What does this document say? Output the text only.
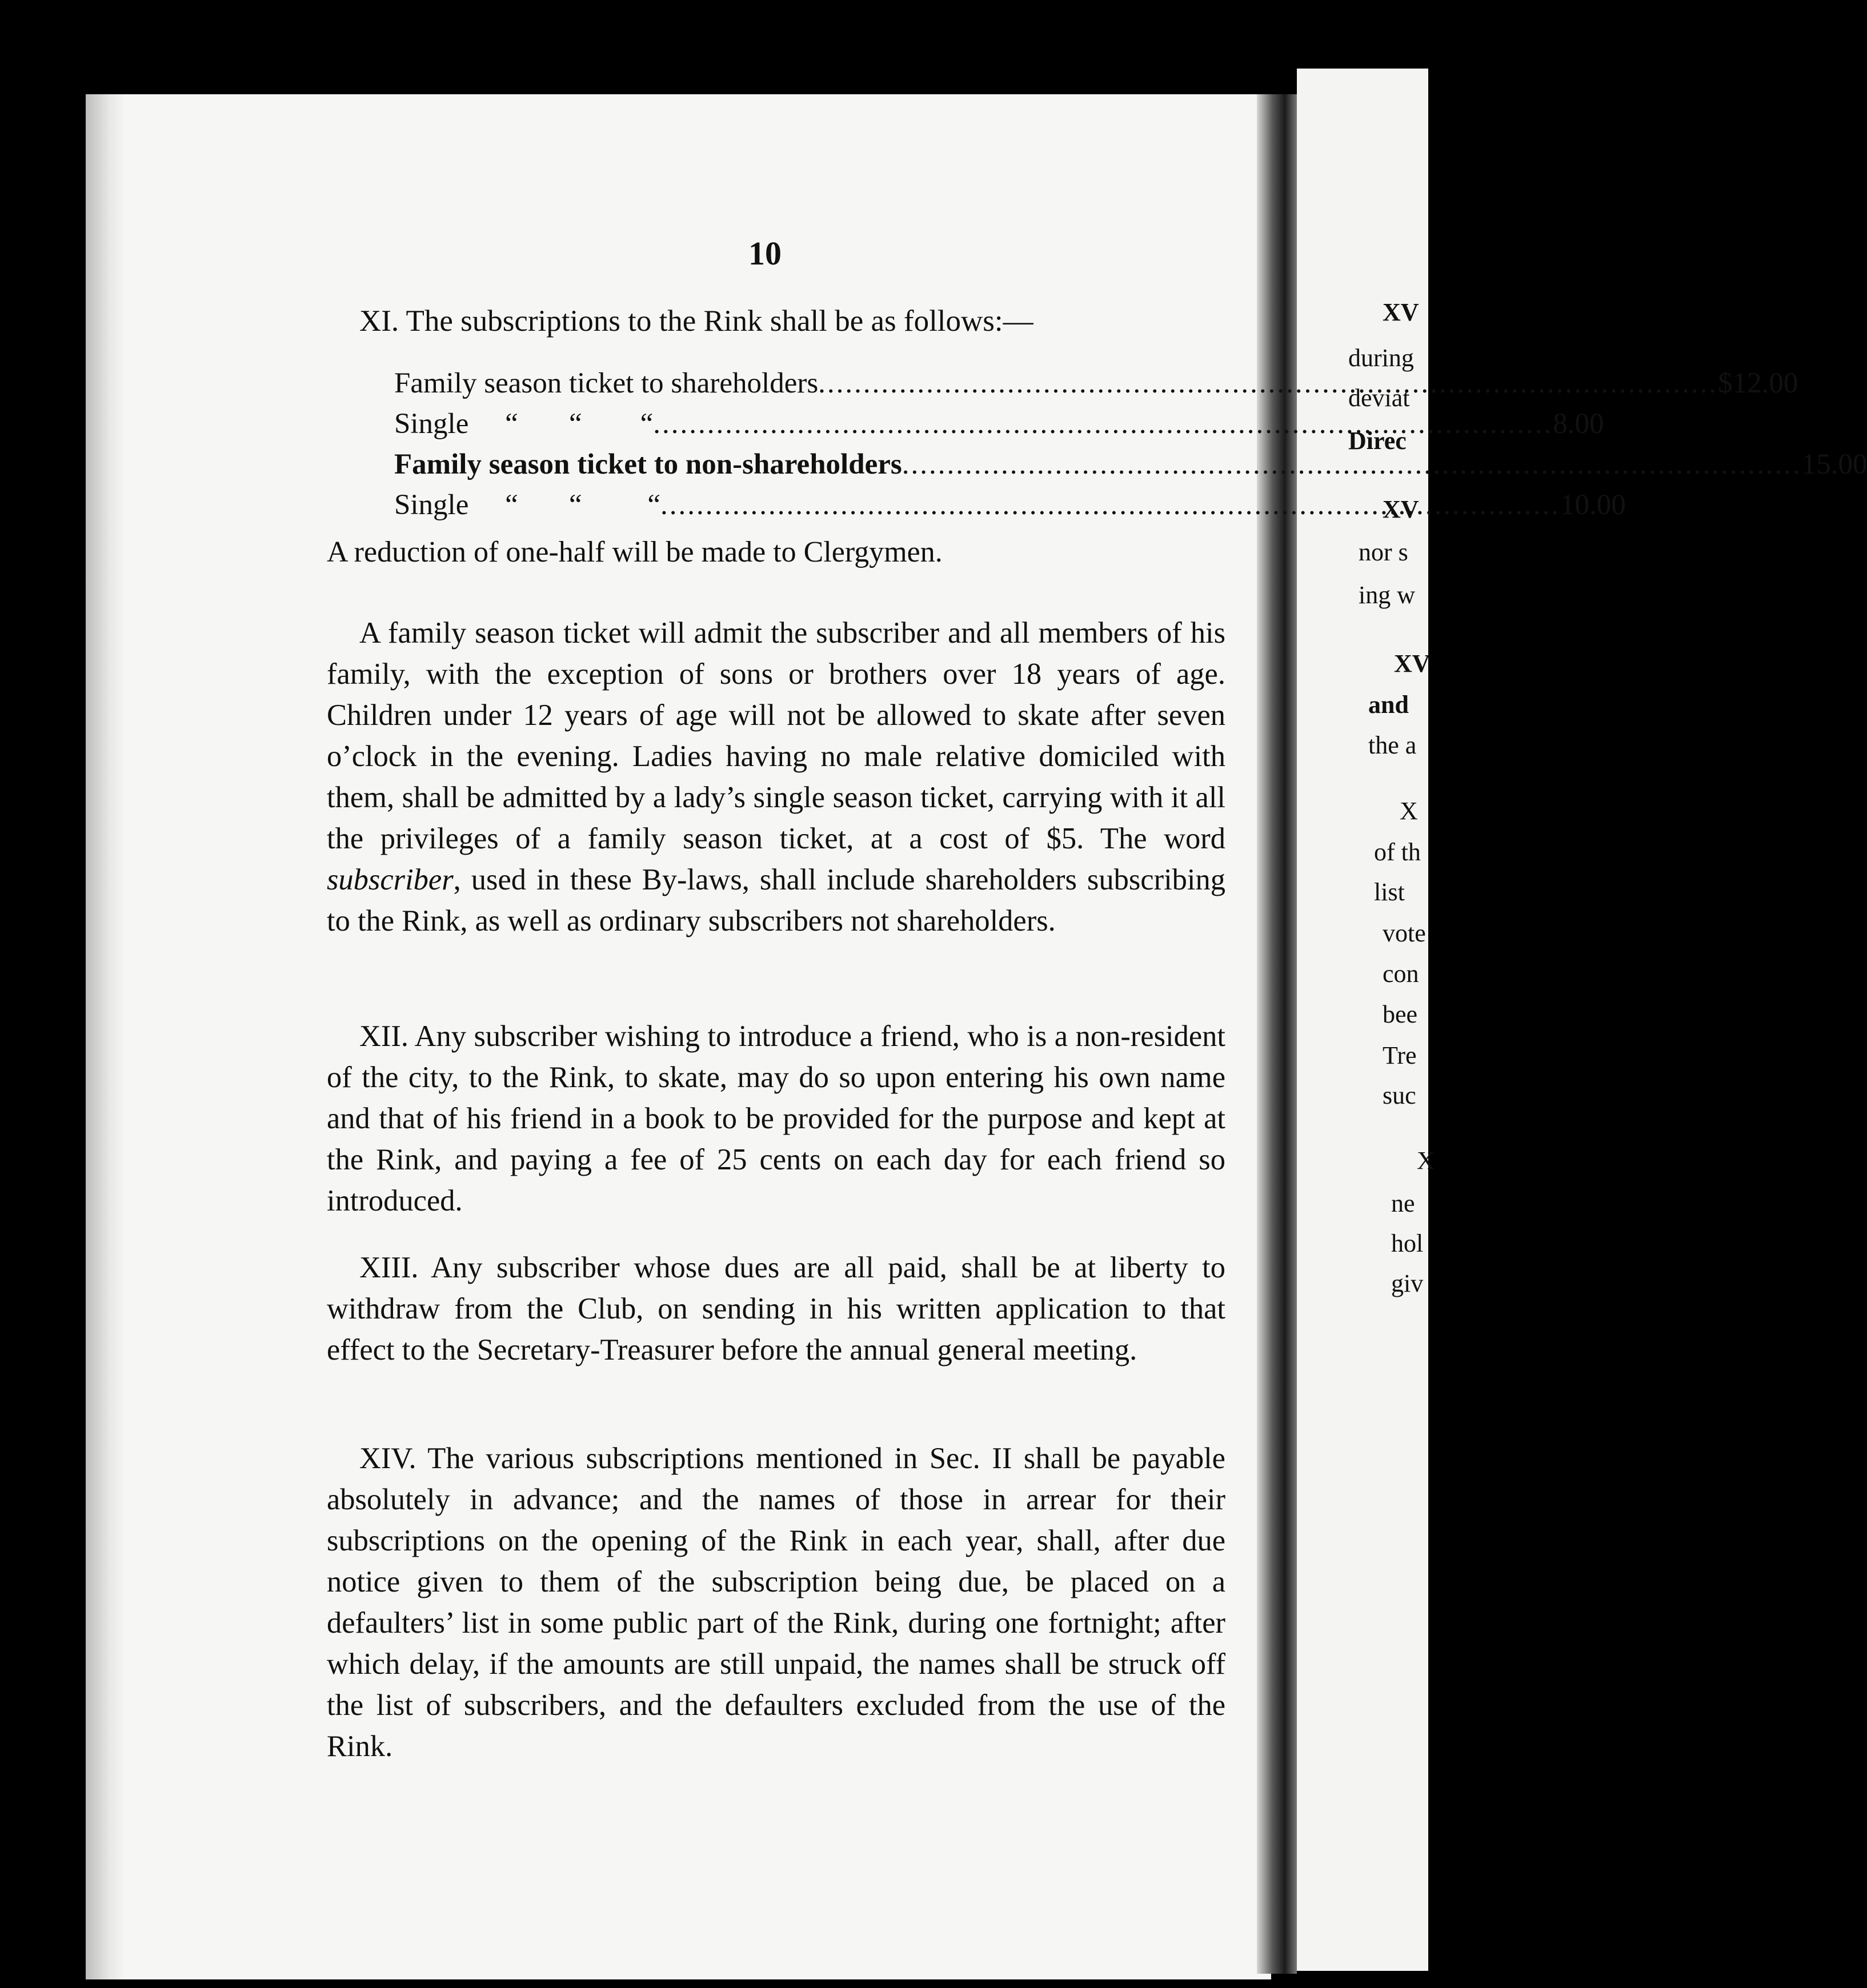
10
XI. The subscriptions to the Rink shall be as follows:—
Family season ticket to shareholders .....	$12.00
Single     “       “        “ .....	8.00
Family season ticket to non-shareholders .....	15.00
Single     “       “         “ .....	10.00
A reduction of one-half will be made to Clergymen.

A family season ticket will admit the subscriber and all members of his family, with the exception of sons or brothers over 18 years of age. Children under 12 years of age will not be allowed to skate after seven o’clock in the evening. Ladies having no male relative domiciled with them, shall be admitted by a lady’s single season ticket, carrying with it all the privileges of a family season ticket, at a cost of $5. The word subscriber, used in these By-laws, shall include shareholders subscribing to the Rink, as well as ordinary subscribers not shareholders.

XII. Any subscriber wishing to introduce a friend, who is a non-resident of the city, to the Rink, to skate, may do so upon entering his own name and that of his friend in a book to be provided for the purpose and kept at the Rink, and paying a fee of 25 cents on each day for each friend so introduced.

XIII. Any subscriber whose dues are all paid, shall be at liberty to withdraw from the Club, on sending in his written application to that effect to the Secretary-Treasurer before the annual general meeting.

XIV. The various subscriptions mentioned in Sec. II shall be payable absolutely in advance; and the names of those in arrear for their subscriptions on the opening of the Rink in each year, shall, after due notice given to them of the subscription being due, be placed on a defaulters’ list in some public part of the Rink, during one fortnight; after which delay, if the amounts are still unpaid, the names shall be struck off the list of subscribers, and the defaulters excluded from the use of the Rink.

XV
during
deviat
Direc
XV
nor s
ing w
XV
and
the a
X
of th
list
vote
con
bee
Tre
suc
X
ne
hol
giv
